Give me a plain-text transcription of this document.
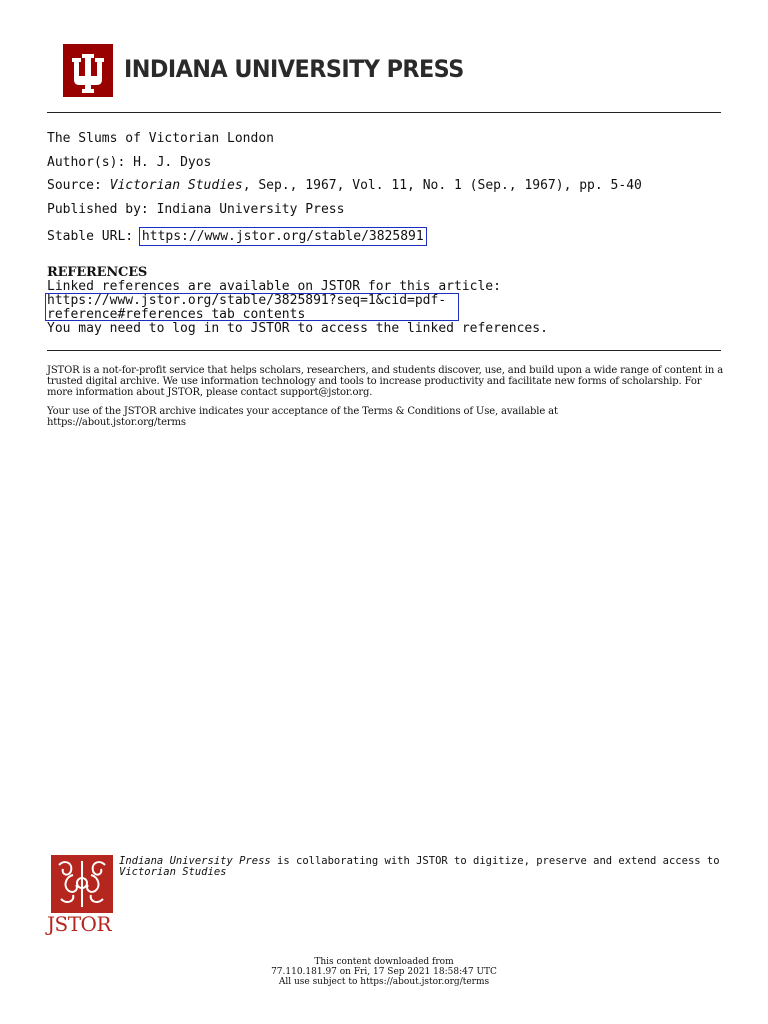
INDIANA UNIVERSITY PRESS
The Slums of Victorian London
Author(s): H. J. Dyos
Source: Victorian Studies, Sep., 1967, Vol. 11, No. 1 (Sep., 1967), pp. 5-40
Published by: Indiana University Press
Stable URL: https://www.jstor.org/stable/3825891
REFERENCES
Linked references are available on JSTOR for this article:
https://www.jstor.org/stable/3825891?seq=1&cid=pdf-
reference#references_tab_contents
You may need to log in to JSTOR to access the linked references.
JSTOR is a not-for-profit service that helps scholars, researchers, and students discover, use, and build upon a wide range of content in a trusted digital archive. We use information technology and tools to increase productivity and facilitate new forms of scholarship. For more information about JSTOR, please contact support@jstor.org.
Your use of the JSTOR archive indicates your acceptance of the Terms & Conditions of Use, available at
https://about.jstor.org/terms
JSTOR
Indiana University Press is collaborating with JSTOR to digitize, preserve and extend access to
Victorian Studies
This content downloaded from
77.110.181.97 on Fri, 17 Sep 2021 18:58:47 UTC
All use subject to https://about.jstor.org/terms
